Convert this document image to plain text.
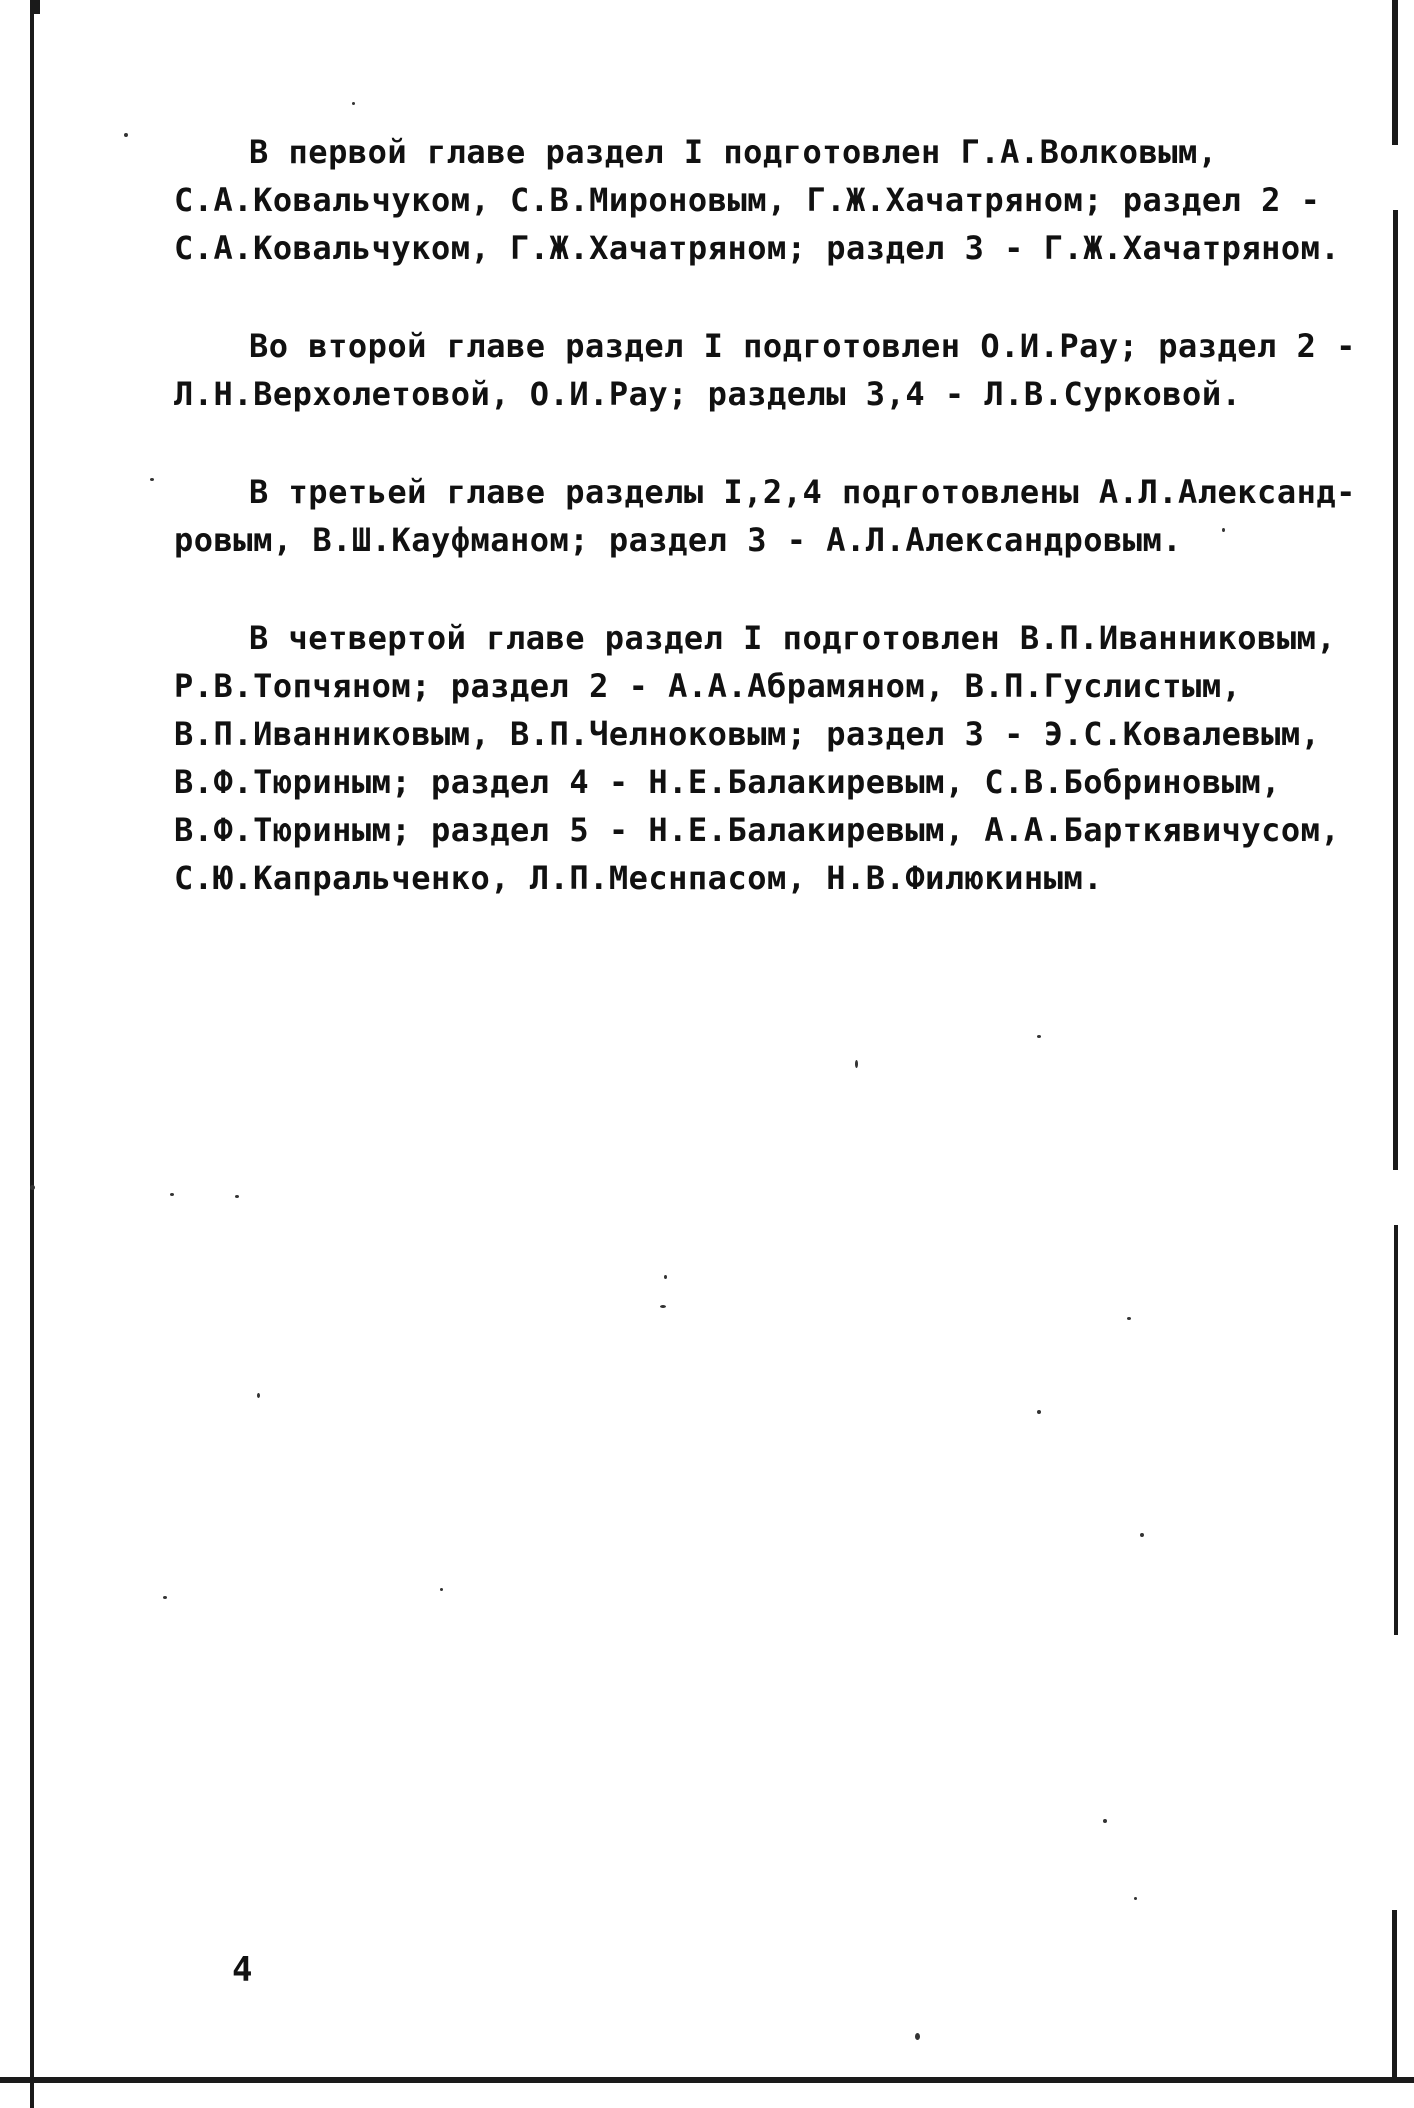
В первой главе раздел I подготовлен Г.А.Волковым,
С.А.Ковальчуком, С.В.Мироновым, Г.Ж.Хачатряном; раздел 2 -
С.А.Ковальчуком, Г.Ж.Хачатряном; раздел 3 - Г.Ж.Хачатряном.

Во второй главе раздел I подготовлен О.И.Рау; раздел 2 -
Л.Н.Верхолетовой, О.И.Рау; разделы 3,4 - Л.В.Сурковой.

В третьей главе разделы I,2,4 подготовлены А.Л.Александ-
ровым, В.Ш.Кауфманом; раздел 3 - А.Л.Александровым.

В четвертой главе раздел I подготовлен В.П.Иванниковым,
Р.В.Топчяном; раздел 2 - А.А.Абрамяном, В.П.Гуслистым,
В.П.Иванниковым, В.П.Челноковым; раздел 3 - Э.С.Ковалевым,
В.Ф.Тюриным; раздел 4 - Н.Е.Балакиревым, С.В.Бобриновым,
В.Ф.Тюриным; раздел 5 - Н.Е.Балакиревым, А.А.Барткявичусом,
С.Ю.Капральченко, Л.П.Меснпасом, Н.В.Филюкиным.

4
